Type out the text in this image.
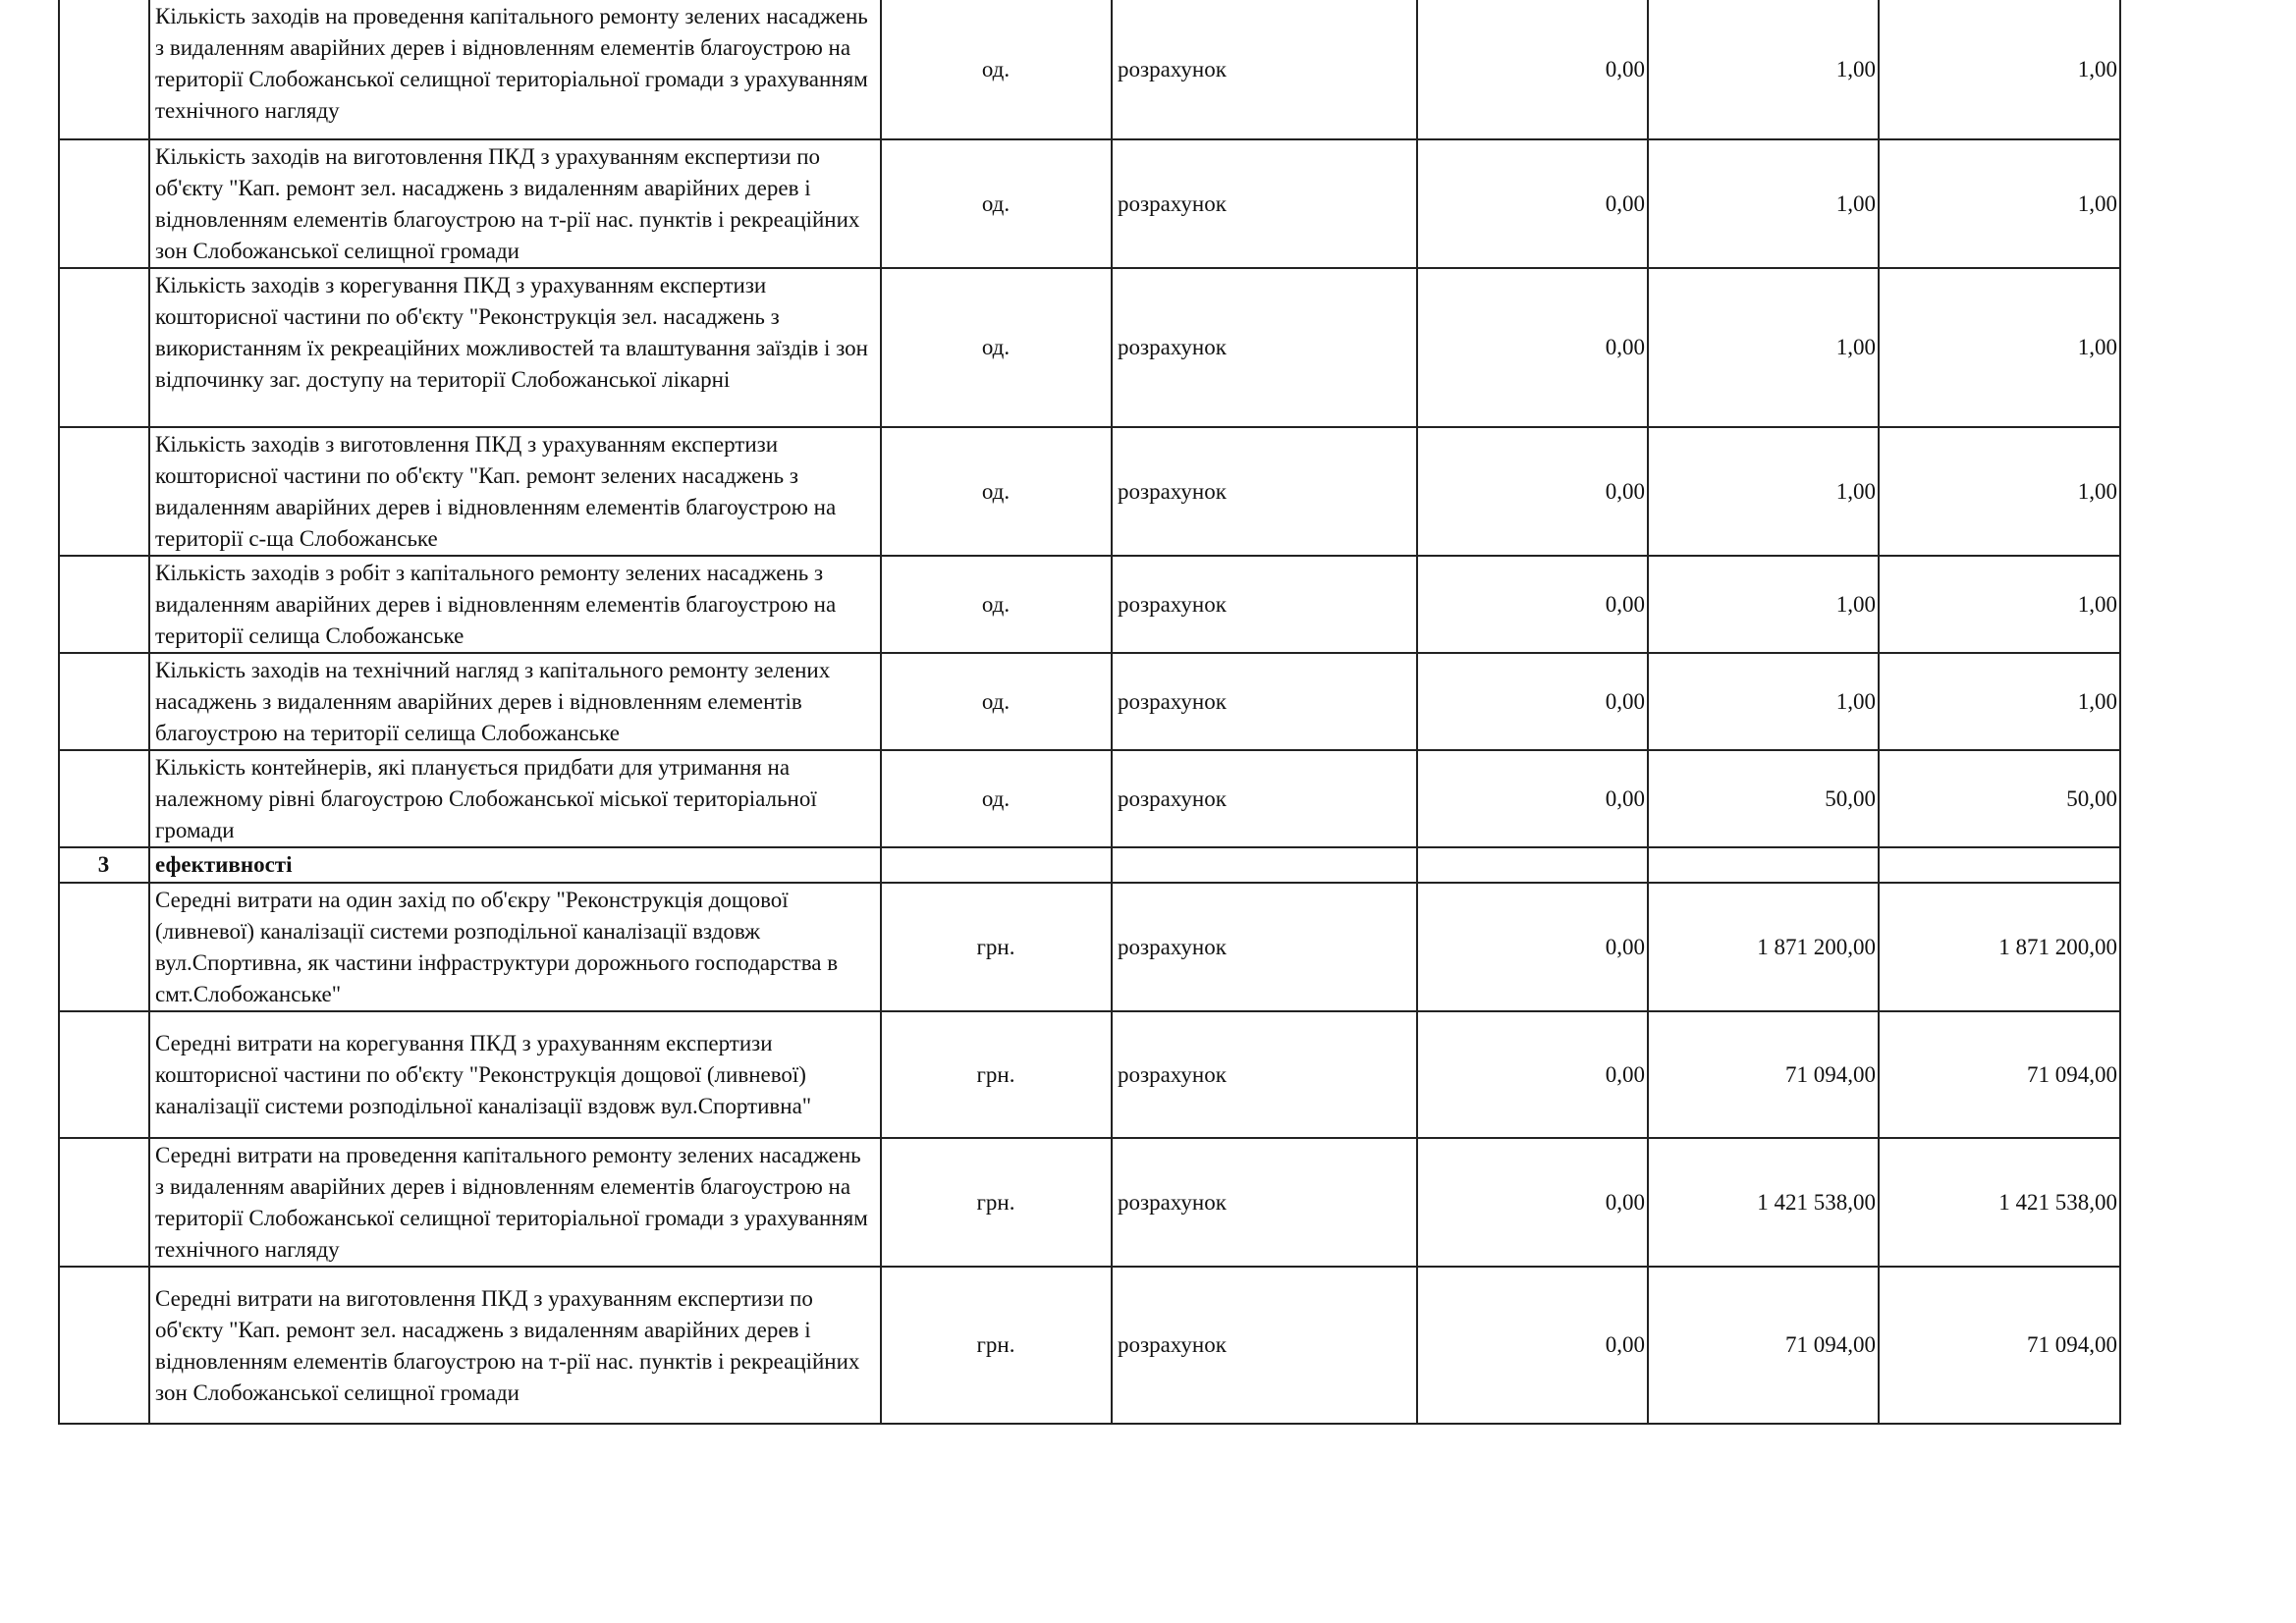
	Кількість заходів на проведення капітального ремонту зелених насаджень з видаленням аварійних дерев і відновленням елементів благоустрою на території Слобожанської селищної територіальної громади з урахуванням технічного нагляду	од.	розрахунок	0,00	1,00	1,00
	Кількість заходів на виготовлення ПКД з урахуванням експертизи по об'єкту "Кап. ремонт зел. насаджень з видаленням аварійних дерев і відновленням елементів благоустрою на т-рії нас. пунктів і рекреаційних зон Слобожанської селищної громади	од.	розрахунок	0,00	1,00	1,00
	Кількість заходів з корегування ПКД з урахуванням експертизи кошторисної частини по об'єкту "Реконструкція зел. насаджень з використанням їх рекреаційних можливостей та влаштування заїздів і зон відпочинку заг. доступу на території Слобожанської лікарні	од.	розрахунок	0,00	1,00	1,00
	Кількість заходів з виготовлення ПКД з урахуванням експертизи кошторисної частини по об'єкту "Кап. ремонт зелених насаджень з видаленням аварійних дерев і відновленням елементів благоустрою на території с-ща Слобожанське	од.	розрахунок	0,00	1,00	1,00
	Кількість заходів з робіт з капітального ремонту зелених насаджень з видаленням аварійних дерев і відновленням елементів благоустрою на території селища Слобожанське	од.	розрахунок	0,00	1,00	1,00
	Кількість заходів на технічний нагляд з капітального ремонту зелених насаджень з видаленням аварійних дерев і відновленням елементів благоустрою на території селища Слобожанське	од.	розрахунок	0,00	1,00	1,00
	Кількість контейнерів, які планується придбати для утримання на належному рівні благоустрою Слобожанської міської територіальної громади	од.	розрахунок	0,00	50,00	50,00
3	ефективності					
	Середні витрати на один захід по об'єкру "Реконструкція дощової (ливневої) каналізації системи розподільної каналізації вздовж вул.Спортивна, як частини інфраструктури дорожнього господарства в смт.Слобожанське"	грн.	розрахунок	0,00	1 871 200,00	1 871 200,00
	Середні витрати на корегування ПКД з урахуванням експертизи кошторисної частини по об'єкту "Реконструкція дощової (ливневої) каналізації системи розподільної каналізації вздовж вул.Спортивна"	грн.	розрахунок	0,00	71 094,00	71 094,00
	Середні витрати на проведення капітального ремонту зелених насаджень з видаленням аварійних дерев і відновленням елементів благоустрою на території Слобожанської селищної територіальної громади з урахуванням технічного нагляду	грн.	розрахунок	0,00	1 421 538,00	1 421 538,00
	Середні витрати на виготовлення ПКД з урахуванням експертизи по об'єкту "Кап. ремонт зел. насаджень з видаленням аварійних дерев і відновленням елементів благоустрою на т-рії нас. пунктів і рекреаційних зон Слобожанської селищної громади	грн.	розрахунок	0,00	71 094,00	71 094,00
